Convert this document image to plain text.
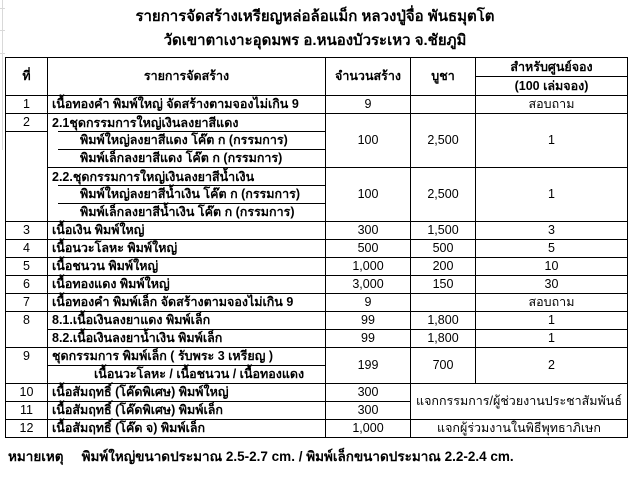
รายการจัดสร้างเหรียญหล่อล้อแม็ก หลวงปู่จื่อ พันธมุตโต
วัดเขาตาเงาะอุดมพร อ.หนองบัวระเหว จ.ชัยภูมิ
ที่	รายการจัดสร้าง	จำนวนสร้าง	บูชา	สำหรับศูนย์จอง
				(100 เล่มจอง)
1	เนื้อทองคำ พิมพ์ใหญ่ จัดสร้างตามจองไม่เกิน 9	9		สอบถาม
2	2.1ชุดกรรมการใหญ่เงินลงยาสีแดง	100	2,500	1
	พิมพ์ใหญ่ลงยาสีแดง โค๊ต ก (กรรมการ)			
	พิมพ์เล็กลงยาสีแดง โค๊ต ก (กรรมการ)			
	2.2.ชุดกรรมการใหญ่เงินลงยาสีน้ำเงิน	100	2,500	1
	พิมพ์ใหญ่ลงยาสีน้ำเงิน โค๊ต ก (กรรมการ)			
	พิมพ์เล็กลงยาสีน้ำเงิน โค๊ต ก (กรรมการ)			
3	เนื้อเงิน พิมพ์ใหญ่	300	1,500	3
4	เนื้อนวะโลหะ พิมพ์ใหญ่	500	500	5
5	เนื้อชนวน พิมพ์ใหญ่	1,000	200	10
6	เนื้อทองแดง พิมพ์ใหญ่	3,000	150	30
7	เนื้อทองคำ พิมพ์เล็ก จัดสร้างตามจองไม่เกิน 9	9		สอบถาม
8	8.1.เนื้อเงินลงยาแดง พิมพ์เล็ก	99	1,800	1
	8.2.เนื้อเงินลงยาน้ำเงิน พิมพ์เล็ก	99	1,800	1
9	ชุดกรรมการ พิมพ์เล็ก ( รับพระ 3 เหรียญ )	199	700	2
	เนื้อนวะโลหะ / เนื้อชนวน / เนื้อทองแดง			
10	เนื้อสัมฤทธิ์ (โค๊ดพิเศษ) พิมพ์ใหญ่	300	แจกกรรมการ/ผู้ช่วยงานประชาสัมพันธ์	
11	เนื้อสัมฤทธิ์ (โค๊ดพิเศษ) พิมพ์เล็ก	300		
12	เนื้อสัมฤทธิ์ (โค๊ด จ) พิมพ์เล็ก	1,000	แจกผู้ร่วมงานในพิธีพุทธาภิเษก	
หมายเหตุ พิมพ์ใหญ่ขนาดประมาณ 2.5-2.7 cm. / พิมพ์เล็กขนาดประมาณ 2.2-2.4 cm.
